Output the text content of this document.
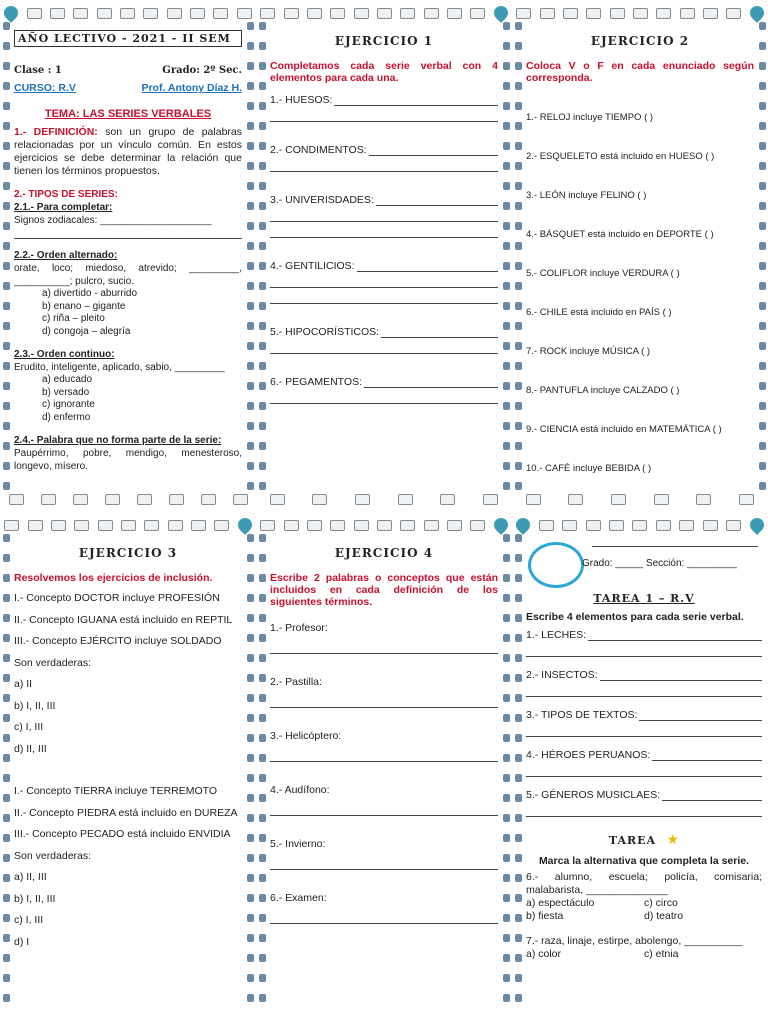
AÑO LECTIVO - 2021 - II SEM
Clase : 1	Grado: 2º Sec.
CURSO: R.V	Prof. Antony Díaz H.
TEMA: LAS SERIES VERBALES
1.- DEFINICIÓN: son un grupo de palabras relacionadas por un vínculo común. En estos ejercicios se debe determinar la relación que tienen los términos propuestos.
2.- TIPOS DE SERIES:
2.1.- Para completar:
Signos zodiacales: ____________________
2.2.- Orden alternado:
orate, loco; miedoso, atrevido; _________, __________; pulcro, sucio.
a) divertido - aburrido
b) enano – gigante
c) riña – pleito
d) congoja – alegría
2.3.- Orden continuo:
Erudito, inteligente, aplicado, sabio, _________
a) educado
b) versado
c) ignorante
d) enfermo
2.4.- Palabra que no forma parte de la serie:
Paupérrimo, pobre, mendigo, menesteroso, longevo, mísero.
EJERCICIO 1
Completamos cada serie verbal con 4 elementos para cada una.
1.- HUESOS:
2.- CONDIMENTOS:
3.- UNIVERISDADES:
4.- GENTILICIOS:
5.- HIPOCORÍSTICOS:
6.- PEGAMENTOS:
EJERCICIO 2
Coloca V o F en cada enunciado según corresponda.
1.- RELOJ incluye TIEMPO ( )
2.- ESQUELETO está incluido en HUESO ( )
3.- LEÓN incluye FELINO ( )
4.- BÁSQUET está incluido en DEPORTE ( )
5.- COLIFLOR incluye VERDURA ( )
6.- CHILE está incluido en PAÍS ( )
7.- ROCK incluye MÚSICA ( )
8.- PANTUFLA incluye CALZADO ( )
9.- CIENCIA está incluido en MATEMÁTICA ( )
10.- CAFÉ incluye BEBIDA ( )
EJERCICIO 3
Resolvemos los ejercicios de inclusión.
I.- Concepto DOCTOR incluye PROFESIÓN
II.- Concepto IGUANA está incluido en REPTIL
III.- Concepto EJÉRCITO incluye SOLDADO
Son verdaderas:
a) II
b) I, II, III
c) I, III
d) II, III
I.- Concepto TIERRA incluye TERREMOTO
II.- Concepto PIEDRA está incluido en DUREZA
III.- Concepto PECADO está incluido ENVIDIA
Son verdaderas:
a) II, III
b) I, II, III
c) I, III
d) I
EJERCICIO 4
Escribe 2 palabras o conceptos que están incluidos en cada definición de los siguientes términos.
1.- Profesor:
2.- Pastilla:
3.- Helicóptero:
4.- Audífono:
5.- Invierno:
6.- Examen:
Grado: _____ Sección: _________
TAREA 1 – R.V
Escribe 4 elementos para cada serie verbal.
1.- LECHES:
2.- INSECTOS:
3.- TIPOS DE TEXTOS:
4.- HÉROES PERUANOS:
5.- GÉNEROS MUSICLAES:
TAREA ★
Marca la alternativa que completa la serie.
6.- alumno, escuela; policía, comisaria; malabarista, ______________
a) espectáculo	c) circo
b) fiesta	d) teatro
7.- raza, linaje, estirpe, abolengo, __________
a) color	c) etnia
